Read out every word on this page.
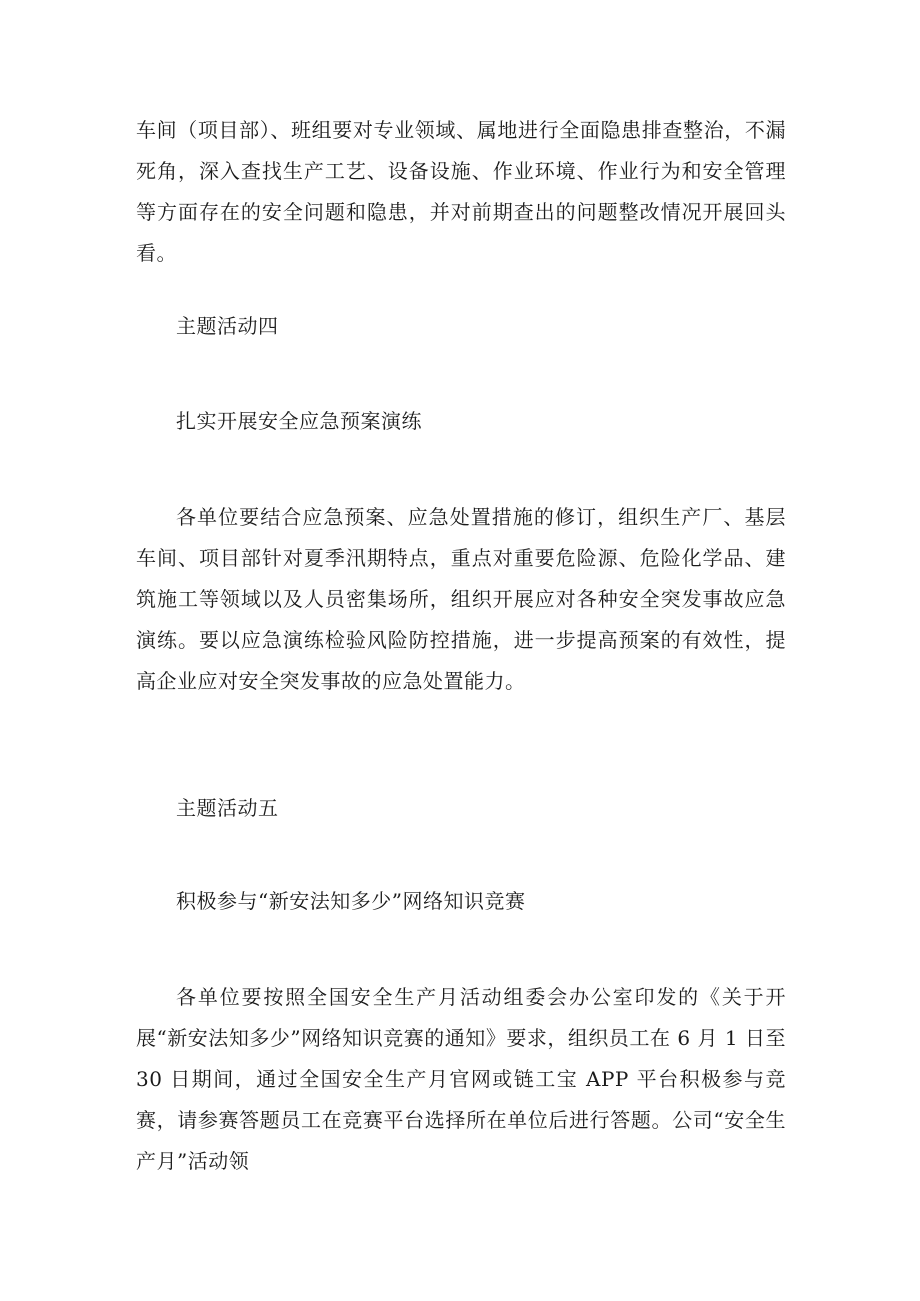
车间（项目部）、班组要对专业领域、属地进行全面隐患排查整治，不漏死角，深入查找生产工艺、设备设施、作业环境、作业行为和安全管理等方面存在的安全问题和隐患，并对前期查出的问题整改情况开展回头看。

主题活动四

扎实开展安全应急预案演练

各单位要结合应急预案、应急处置措施的修订，组织生产厂、基层车间、项目部针对夏季汛期特点，重点对重要危险源、危险化学品、建筑施工等领域以及人员密集场所，组织开展应对各种安全突发事故应急演练。要以应急演练检验风险防控措施，进一步提高预案的有效性，提高企业应对安全突发事故的应急处置能力。

主题活动五

积极参与“新安法知多少”网络知识竞赛

各单位要按照全国安全生产月活动组委会办公室印发的《关于开展“新安法知多少”网络知识竞赛的通知》要求，组织员工在 6 月 1 日至 30 日期间，通过全国安全生产月官网或链工宝 APP 平台积极参与竞赛，请参赛答题员工在竞赛平台选择所在单位后进行答题。公司“安全生产月”活动领
